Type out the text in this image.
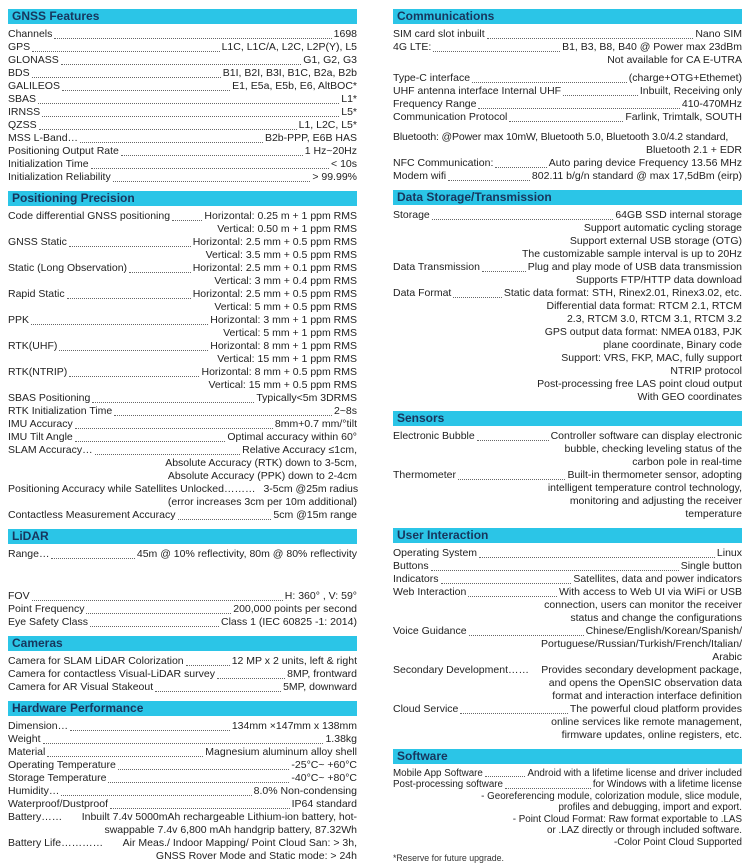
GNSS Features
Channels	1698
GPS	L1C, L1C/A, L2C, L2P(Y), L5
GLONASS	G1, G2, G3
BDS	B1I, B2I, B3I, B1C, B2a, B2b
GALILEOS	E1, E5a, E5b, E6, AltBOC*
SBAS	L1*
IRNSS	L5*
QZSS	L1, L2C, L5*
MSS L-Band…	B2b-PPP, E6B HAS
Positioning Output Rate	1 Hz~20Hz
Initialization Time	< 10s
Initialization Reliability	> 99.99%
Positioning Precision
Code differential GNSS positioning	Horizontal: 0.25 m + 1 ppm RMS
Vertical: 0.50 m + 1 ppm RMS
GNSS Static	Horizontal: 2.5 mm + 0.5 ppm RMS
Vertical: 3.5 mm + 0.5 ppm RMS
Static (Long Observation)	Horizontal: 2.5 mm + 0.1 ppm RMS
Vertical: 3 mm + 0.4 ppm RMS
Rapid Static	Horizontal: 2.5 mm + 0.5 ppm RMS
Vertical: 5 mm + 0.5 ppm RMS
PPK	Horizontal: 3 mm + 1 ppm RMS
Vertical: 5 mm + 1 ppm RMS
RTK(UHF)	Horizontal: 8 mm + 1 ppm RMS
Vertical: 15 mm + 1 ppm RMS
RTK(NTRIP)	Horizontal: 8 mm + 0.5 ppm RMS
Vertical: 15 mm + 0.5 ppm RMS
SBAS Positioning	Typically<5m 3DRMS
RTK Initialization Time	2~8s
IMU Accuracy	8mm+0.7 mm/°tilt
IMU Tilt Angle	Optimal accuracy within 60°
SLAM Accuracy…	Relative Accuracy ≤1cm,
Absolute Accuracy (RTK) down to 3-5cm,
Absolute Accuracy (PPK) down to 2-4cm
Positioning Accuracy while Satellites Unlocked……… 3-5cm @25m radius
(error increases 3cm per 10m additional)
Contactless Measurement Accuracy	5cm @15m range
LiDAR
Range…	45m @ 10% reflectivity, 80m @ 80% reflectivity
FOV	H: 360° , V: 59°
Point Frequency	200,000 points per second
Eye Safety Class	Class 1 (IEC 60825 -1: 2014)
Cameras
Camera for SLAM LiDAR Colorization	12 MP x 2 units, left & right
Camera for contactless Visual-LiDAR survey	8MP, frontward
Camera for AR Visual Stakeout	5MP, downward
Hardware Performance
Dimension…	134mm ×147mm x 138mm
Weight	1.38kg
Material	Magnesium aluminum alloy shell
Operating Temperature	-25°C~ +60°C
Storage Temperature	-40°C~ +80°C
Humidity…	8.0% Non-condensing
Waterproof/Dustproof	IP64 standard
Battery…… Inbuilt 7.4v 5000mAh rechargeable Lithium-ion battery, hot-
swappable 7.4v 6,800 mAh handgrip battery, 87.32Wh
Battery Life………… Air Meas./ Indoor Mapping/ Point Cloud San: > 3h,
GNSS Rover Mode and Static mode: > 24h
Communications
SIM card slot inbuilt	Nano SIM
4G LTE:	B1, B3, B8, B40 @ Power max 23dBm
Not available for CA E-UTRA
Type-C interface	(charge+OTG+Ethemet)
UHF antenna interface Internal UHF	Inbuilt, Receiving only
Frequency Range	410-470MHz
Communication Protocol	Farlink, Trimtalk, SOUTH
Bluetooth: @Power max 10mW, Bluetooth 5.0, Bluetooth 3.0/4.2 standard,
Bluetooth 2.1 + EDR
NFC Communication:	Auto paring device Frequency 13.56 MHz
Modem wifi	802.11 b/g/n standard @ max 17,5dBm (eirp)
Data Storage/Transmission
Storage	64GB SSD internal storage
Support automatic cycling storage
Support external USB storage (OTG)
The customizable sample interval is up to 20Hz
Data Transmission	Plug and play mode of USB data transmission
Supports FTP/HTTP data download
Data Format	Static data format: STH, Rinex2.01, Rinex3.02, etc.
Differential data format: RTCM 2.1, RTCM
2.3, RTCM 3.0, RTCM 3.1, RTCM 3.2
GPS output data format: NMEA 0183, PJK
plane coordinate, Binary code
Support: VRS, FKP, MAC, fully support
NTRIP protocol
Post-processing free LAS point cloud output
With GEO coordinates
Sensors
Electronic Bubble	Controller software can display electronic
bubble, checking leveling status of the
carbon pole in real-time
Thermometer	Built-in thermometer sensor, adopting
intelligent temperature control technology,
monitoring and adjusting the receiver
temperature
User Interaction
Operating System	Linux
Buttons	Single button
Indicators	Satellites, data and power indicators
Web Interaction	With access to Web UI via WiFi or USB
connection, users can monitor the receiver
status and change the configurations
Voice Guidance	Chinese/English/Korean/Spanish/
Portuguese/Russian/Turkish/French/Italian/
Arabic
Secondary Development…… Provides secondary development package,
and opens the OpenSIC observation data
format and interaction interface definition
Cloud Service	The powerful cloud platform provides
online services like remote management,
firmware updates, online registers, etc.
Software
Mobile App Software	Android with a lifetime license and driver included
Post-processing software	for Windows with a lifetime license
- Georeferencing module, colorization module, slice module,
profiles and debugging, import and export.
- Point Cloud Format: Raw format exportable to .LAS
or .LAZ directly or through included software.
-Color Point Cloud Supported
*Reserve for future upgrade.
